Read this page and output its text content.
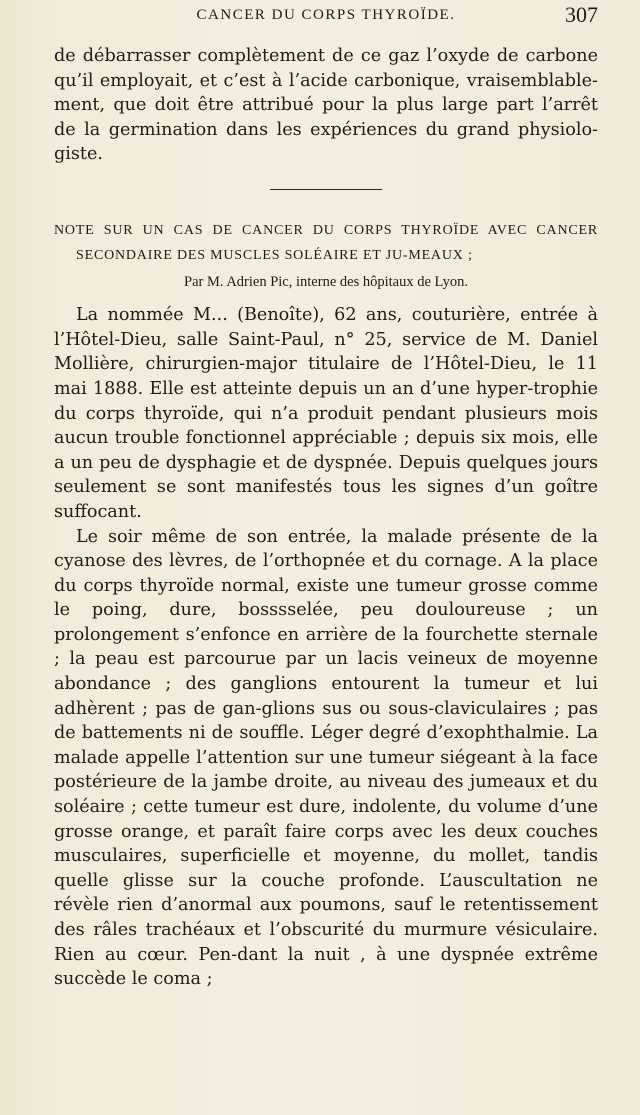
CANCER DU CORPS THYROÏDE.	307

de débarrasser complètement de ce gaz l’oxyde de carbone qu’il employait, et c’est à l’acide carbonique, vraisemblable-ment, que doit être attribué pour la plus large part l’arrêt de la germination dans les expériences du grand physiolo-giste.

NOTE SUR UN CAS DE CANCER DU CORPS THYROÏDE AVEC CANCER SECONDAIRE DES MUSCLES SOLÉAIRE ET JU-MEAUX ;
Par M. Adrien Pic, interne des hôpitaux de Lyon.

La nommée M... (Benoîte), 62 ans, couturière, entrée à l’Hôtel-Dieu, salle Saint-Paul, n° 25, service de M. Daniel Mollière, chirurgien-major titulaire de l’Hôtel-Dieu, le 11 mai 1888. Elle est atteinte depuis un an d’une hyper-trophie du corps thyroïde, qui n’a produit pendant plusieurs mois aucun trouble fonctionnel appréciable ; depuis six mois, elle a un peu de dysphagie et de dyspnée. Depuis quelques jours seulement se sont manifestés tous les signes d’un goître suffocant.

Le soir même de son entrée, la malade présente de la cyanose des lèvres, de l’orthopnée et du cornage. A la place du corps thyroïde normal, existe une tumeur grosse comme le poing, dure, bosssselée, peu douloureuse ; un prolongement s’enfonce en arrière de la fourchette sternale ; la peau est parcourue par un lacis veineux de moyenne abondance ; des ganglions entourent la tumeur et lui adhèrent ; pas de gan-glions sus ou sous-claviculaires ; pas de battements ni de souffle. Léger degré d’exophthalmie. La malade appelle l’attention sur une tumeur siégeant à la face postérieure de la jambe droite, au niveau des jumeaux et du soléaire ; cette tumeur est dure, indolente, du volume d’une grosse orange, et paraît faire corps avec les deux couches musculaires, superficielle et moyenne, du mollet, tandis quelle glisse sur la couche profonde. L’auscultation ne révèle rien d’anormal aux poumons, sauf le retentissement des râles trachéaux et l’obscurité du murmure vésiculaire. Rien au cœur. Pen-dant la nuit , à une dyspnée extrême succède le coma ;
